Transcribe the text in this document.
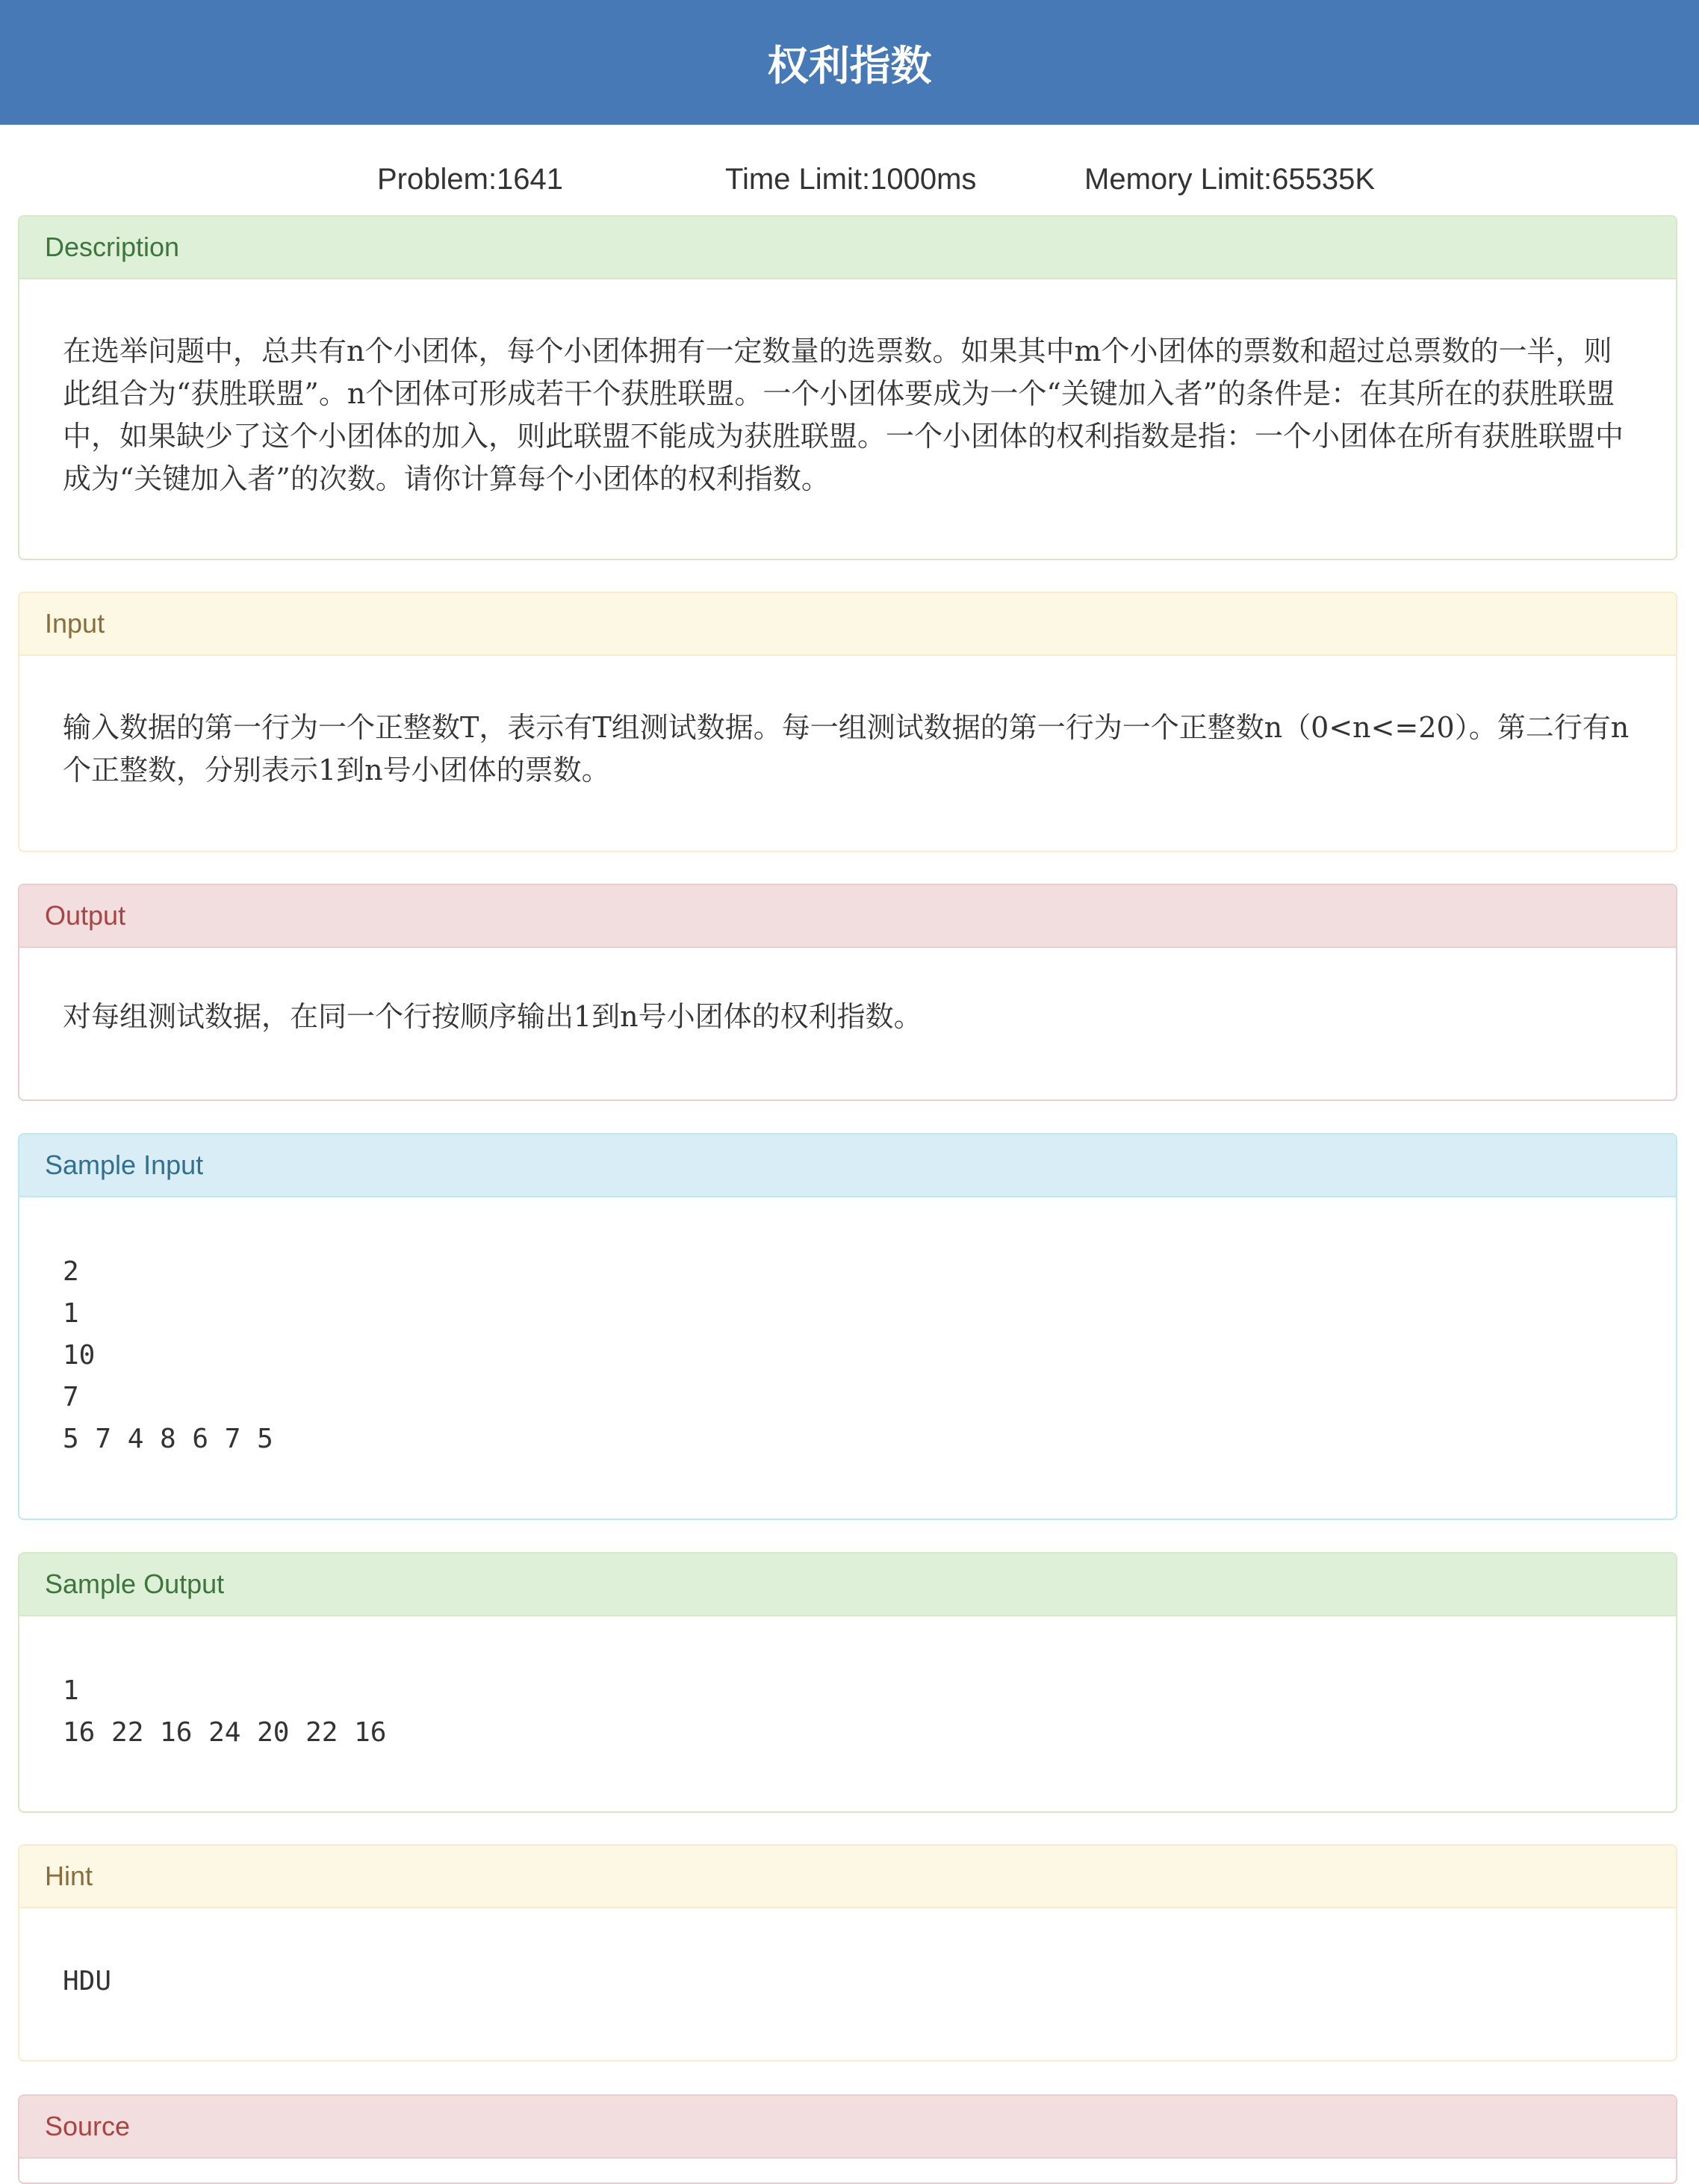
权利指数
Problem:1641	Time Limit:1000ms	Memory Limit:65535K
Description

在选举问题中，总共有n个小团体，每个小团体拥有一定数量的选票数。如果其中m个小团体的票数和超过总票数的一半，则此组合为“获胜联盟”。n个团体可形成若干个获胜联盟。一个小团体要成为一个“关键加入者”的条件是：在其所在的获胜联盟中，如果缺少了这个小团体的加入，则此联盟不能成为获胜联盟。一个小团体的权利指数是指：一个小团体在所有获胜联盟中成为“关键加入者”的次数。请你计算每个小团体的权利指数。

Input

输入数据的第一行为一个正整数T，表示有T组测试数据。每一组测试数据的第一行为一个正整数n（0<n<=20）。第二行有n个正整数，分别表示1到n号小团体的票数。

Output

对每组测试数据，在同一个行按顺序输出1到n号小团体的权利指数。

Sample Input
2
1
10
7
5 7 4 8 6 7 5
Sample Output
1
16 22 16 24 20 22 16
Hint
HDU
Source
